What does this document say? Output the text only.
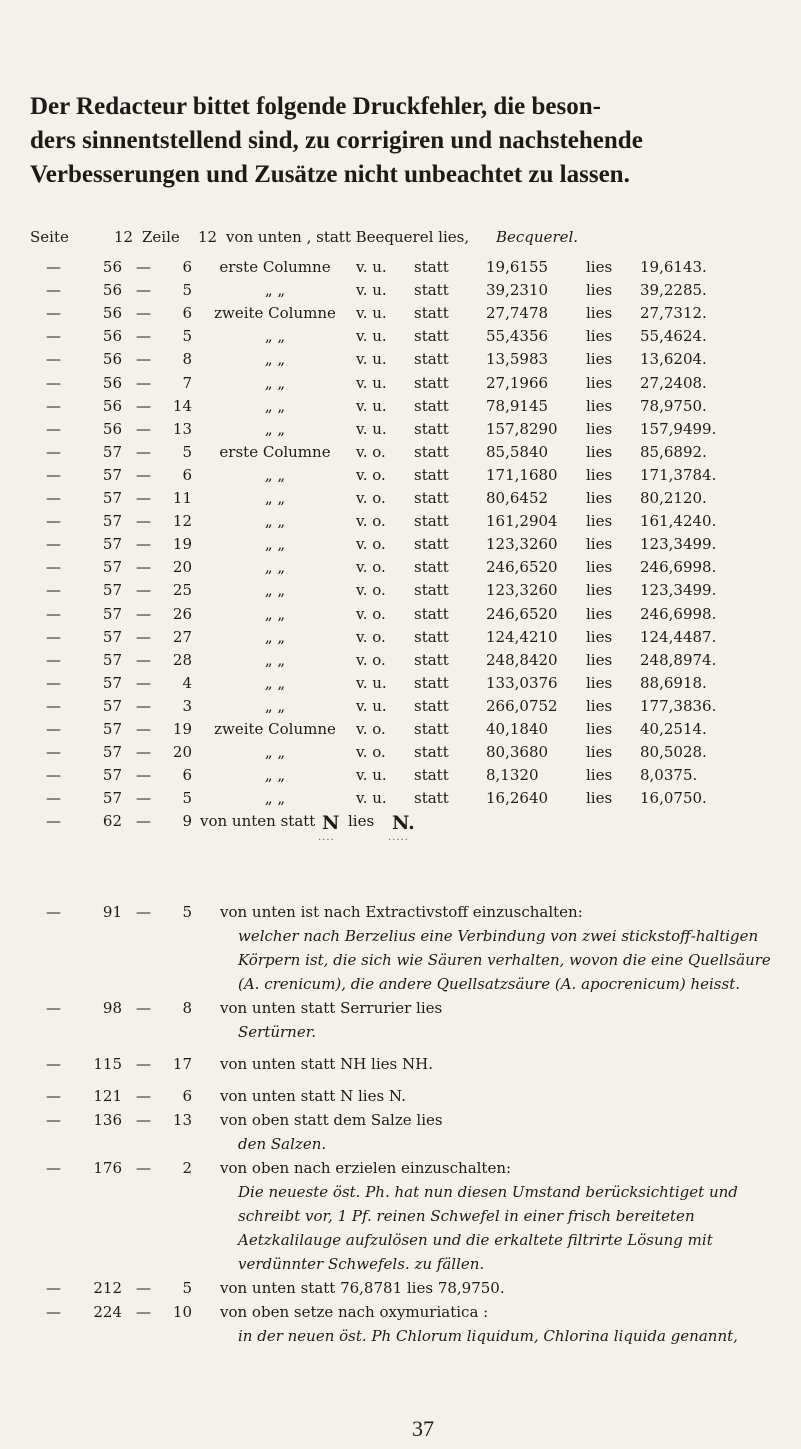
Der Redacteur bittet folgende Druckfehler, die beson-
ders sinnentstellend sind, zu corrigiren und nachstehende
Verbesserungen und Zusätze nicht unbeachtet zu lassen.
Seite	12 Zeile 12 von unten , statt Beequerel lies, Becquerel.
—	56 —	6	erste Columne	v. u. statt 19,6155	lies 19,6143.
—	56 —	5	„ „	v. u. statt 39,2310	lies 39,2285.
—	56 —	6	zweite Columne	v. u. statt 27,7478	lies 27,7312.
—	56 —	5	„ „	v. u. statt 55,4356	lies 55,4624.
—	56 —	8	„ „	v. u. statt 13,5983	lies 13,6204.
—	56 —	7	„ „	v. u. statt 27,1966	lies 27,2408.
—	56 —	14	„ „	v. u. statt 78,9145	lies 78,9750.
—	56 —	13	„ „	v. u. statt 157,8290 lies 157,9499.
—	57 —	5	erste Columne	v. o. statt 85,5840	lies 85,6892.
—	57 —	6	„ „	v. o. statt 171,1680 lies 171,3784.
—	57 —	11	„ „	v. o. statt 80,6452	lies 80,2120.
—	57 —	12	„ „	v. o. statt 161,2904 lies 161,4240.
—	57 —	19	„ „	v. o. statt 123,3260 lies 123,3499.
—	57 —	20	„ „	v. o. statt 246,6520 lies 246,6998.
—	57 —	25	„ „	v. o. statt 123,3260 lies 123,3499.
—	57 —	26	„ „	v. o. statt 246,6520 lies 246,6998.
—	57 —	27	„ „	v. o. statt 124,4210 lies 124,4487.
—	57 —	28	„ „	v. o. statt 248,8420 lies 248,8974.
—	57 —	4	„ „	v. u. statt 133,0376 lies 88,6918.
—	57 —	3	„ „	v. u. statt 266,0752 lies 177,3836.
—	57 —	19	zweite Columne	v. o. statt 40,1840	lies 40,2514.
—	57 —	20	„ „	v. o. statt 80,3680	lies 80,5028.
—	57 —	6	„ „	v. u. statt 8,1320	lies 8,0375.
—	57 —	5	„ „	v. u. statt 16,2640	lies 16,0750.
—	62 —	9 von unten statt N lies N.
....	.....
—	91 —	5 von unten ist nach Extractivstoff einzuschalten:
welcher nach Berzelius eine Verbindung von zwei stickstoff-haltigen Körpern ist, die sich wie Säuren verhalten, wovon die eine Quellsäure (A. crenicum), die andere Quellsatzsäure (A. apocrenicum) heisst.
—	98 —	8 von unten statt Serrurier lies
Sertürner.
—	115 —	17 von unten statt NH lies NH.
—	121 —	6 von unten statt N lies N.
—	136 —	13 von oben statt dem Salze lies
den Salzen.
—	176 —	2 von oben nach erzielen einzuschalten:
Die neueste öst. Ph. hat nun diesen Umstand berücksichtiget und schreibt vor, 1 Pf. reinen Schwefel in einer frisch bereiteten Aetzkalilauge aufzulösen und die erkaltete filtrirte Lösung mit verdünnter Schwefels. zu fällen.
—	212 —	5 von unten statt 76,8781 lies 78,9750.
—	224 —	10 von oben setze nach oxymuriatica :
in der neuen öst. Ph Chlorum liquidum, Chlorina liquida genannt,
37
